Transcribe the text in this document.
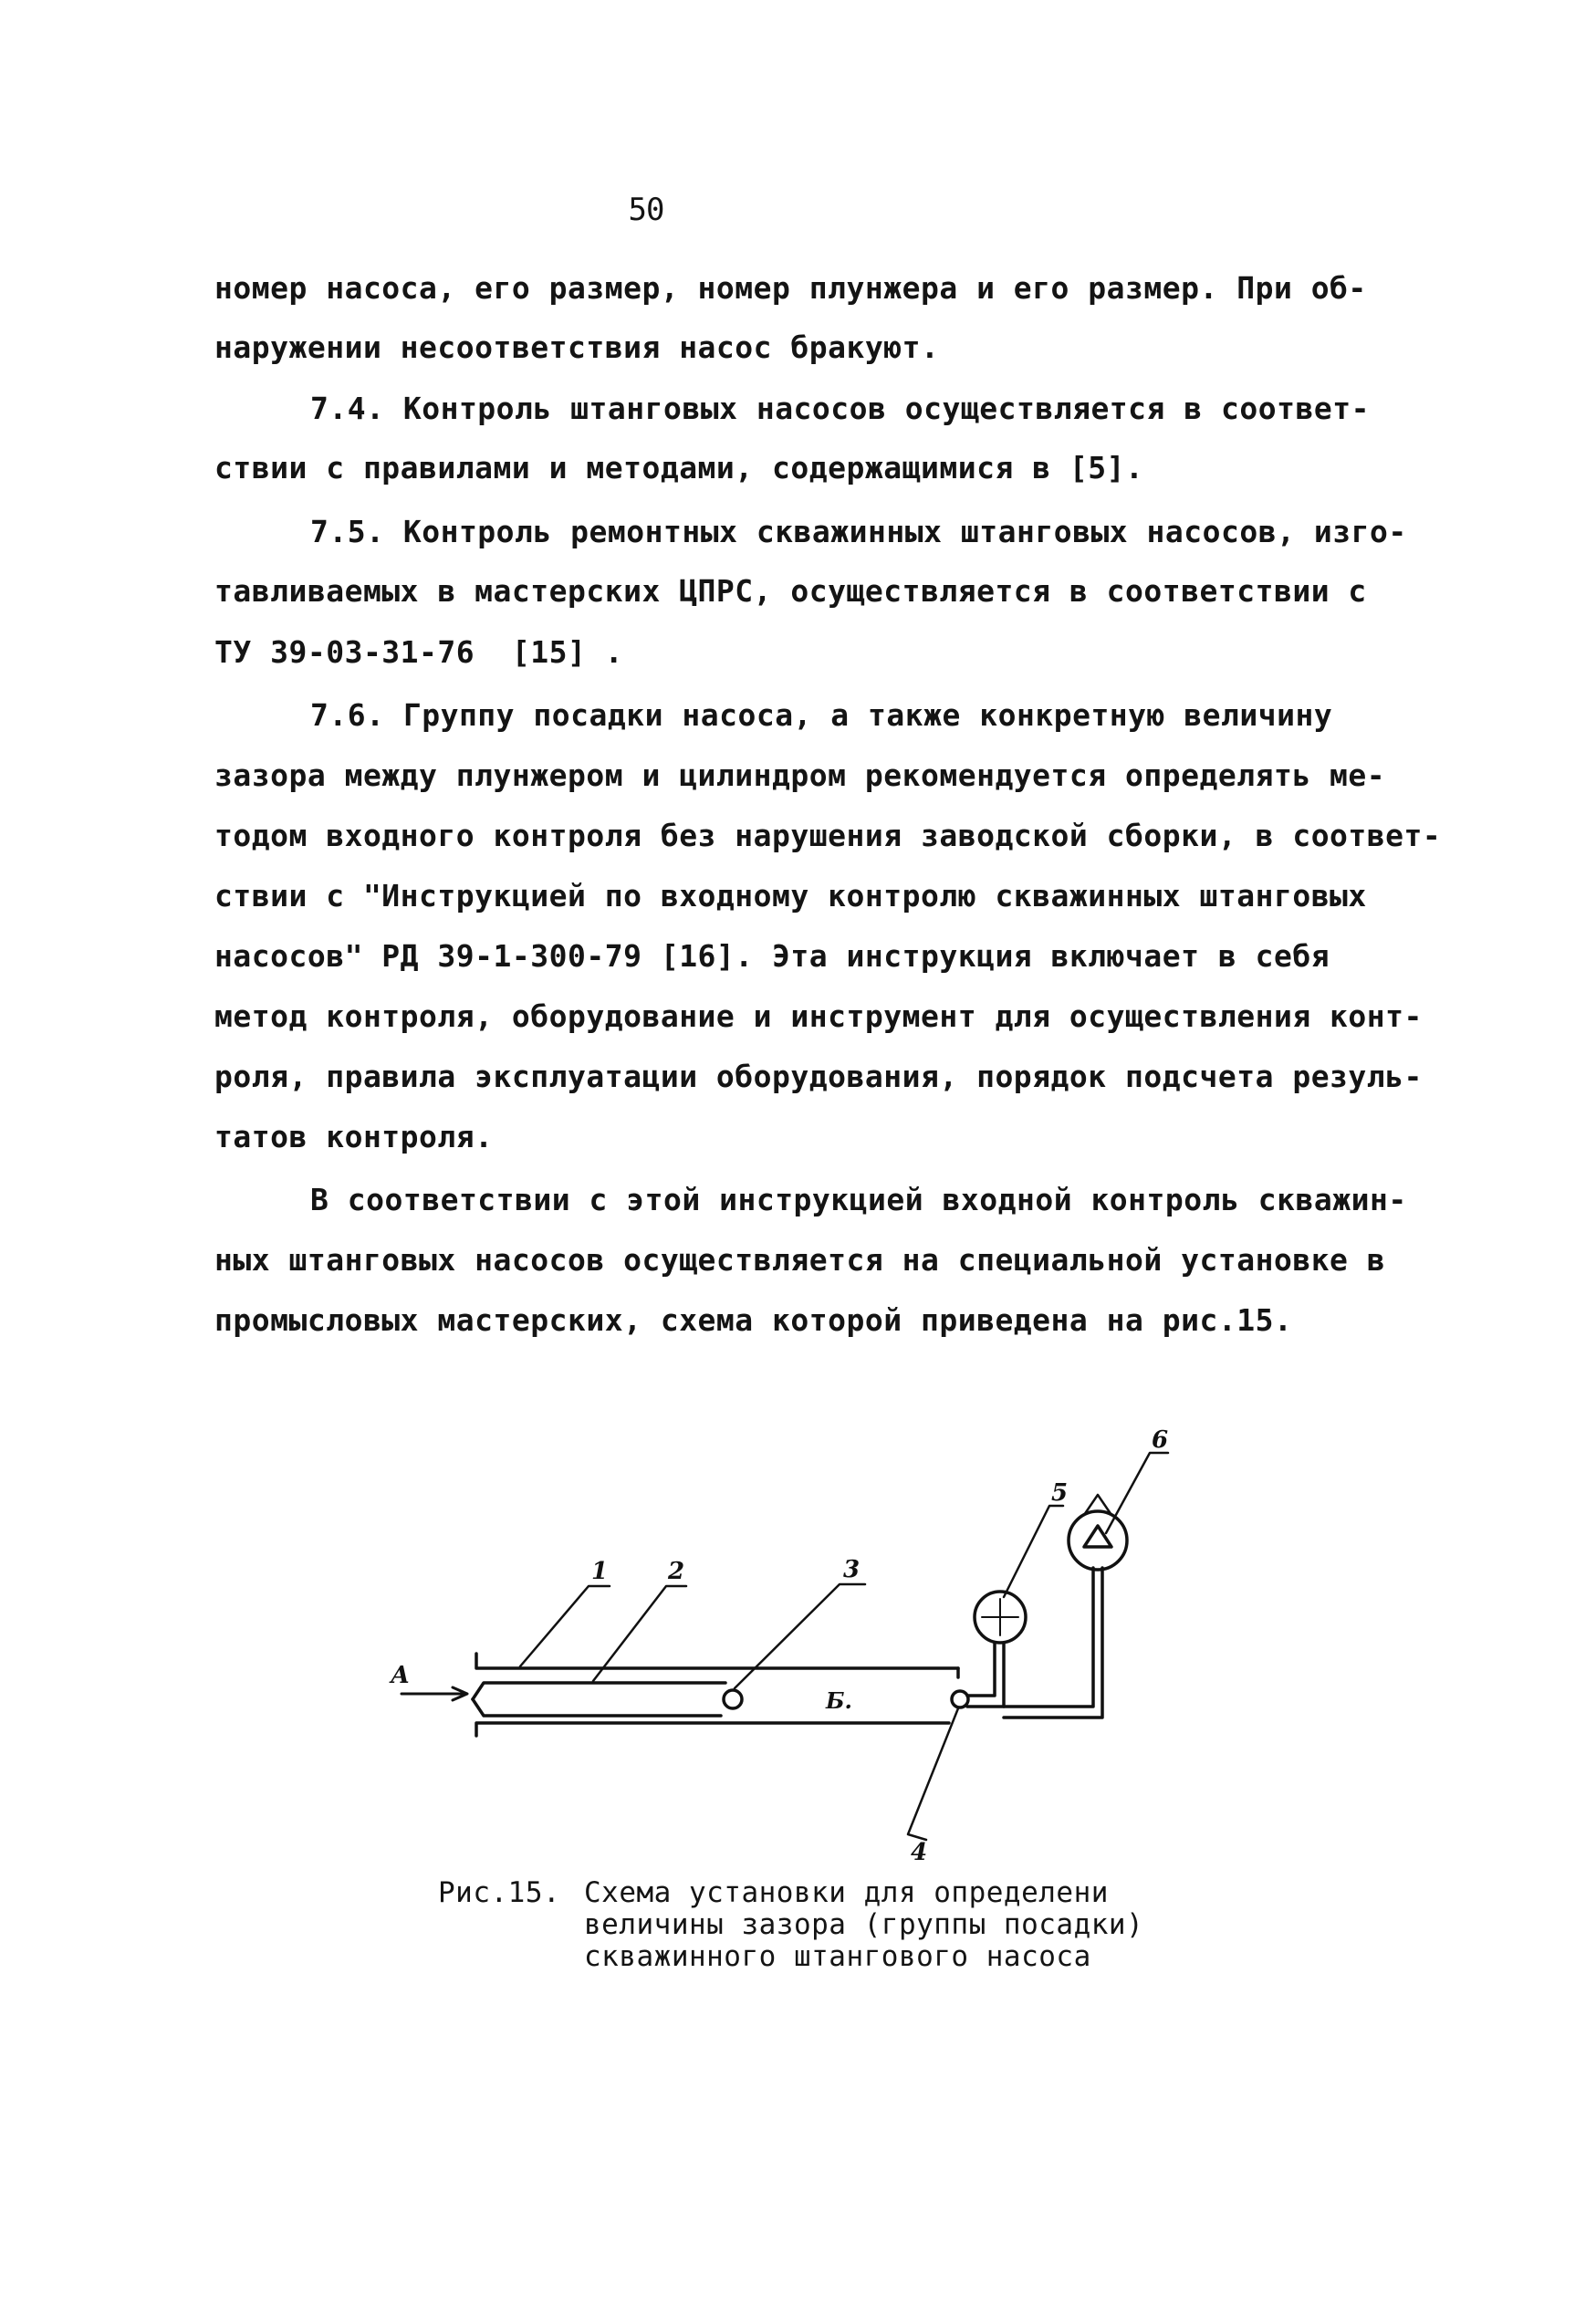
50
номер насоса, его размер, номер плунжера и его размер. При об-
наружении несоответствия насос бракуют.
7.4. Контроль штанговых насосов осуществляется в соответ-
ствии с правилами и методами, содержащимися в [5].
7.5. Контроль ремонтных скважинных штанговых насосов, изго-
тавливаемых в мастерских ЦПРС, осуществляется в соответствии с
ТУ 39-03-31-76  [15] .
7.6. Группу посадки насоса, а также конкретную величину
зазора между плунжером и цилиндром рекомендуется определять ме-
тодом входного контроля без нарушения заводской сборки, в соответ-
ствии с "Инструкцией по входному контролю скважинных штанговых
насосов" РД 39-1-300-79 [16]. Эта инструкция включает в себя
метод контроля, оборудование и инструмент для осуществления конт-
роля, правила эксплуатации оборудования, порядок подсчета резуль-
татов контроля.
В соответствии с этой инструкцией входной контроль скважин-
ных штанговых насосов осуществляется на специальной установке в
промысловых мастерских, схема которой приведена на рис.15.
1	2	3
4
5
6
А
Б.
Рис.15. Схема установки для определени
величины зазора (группы посадки)
скважинного штангового насоса
